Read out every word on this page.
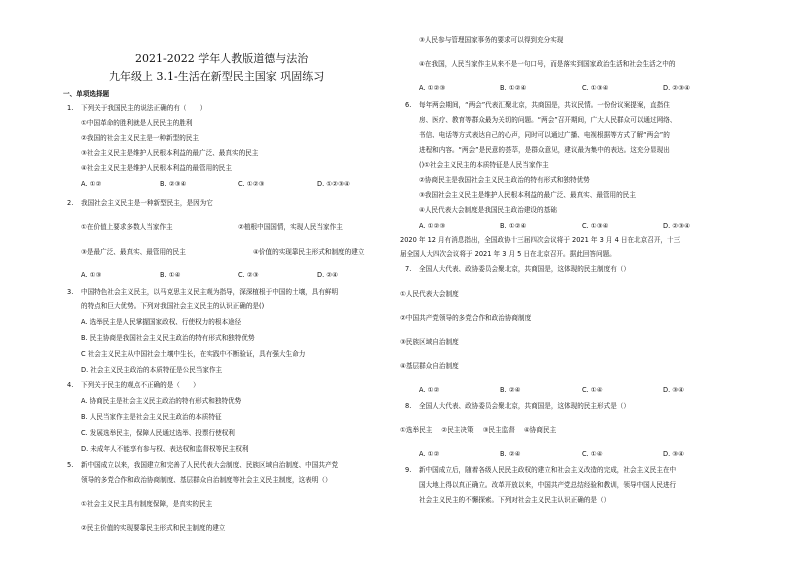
2021-2022 学年人教版道德与法治
九年级上 3.1-生活在新型民主国家 巩固练习
一、单项选择题
1. 下列关于我国民主的说法正确的有（　　）
①中国革命的胜利就是人民民主的胜利
②我国的社会主义民主是一种新型的民主
③社会主义民主是维护人民根本利益的最广泛、最真实的民主
④社会主义民主是维护人民根本利益的最管用的民主
A. ①②	B. ②③④	C. ①②③	D. ①②③④
2. 我国社会主义民主是一种新型民主，是因为它
①在价值上要求多数人当家作主	②植根中国国情，实现人民当家作主
③是最广泛、最真实、最管用的民主	④价值的实现靠民主形式和制度的建立
A. ①③	B. ①④	C. ②③	D. ②④
3. 中国特色社会主义民主，以马克思主义民主观为指导，深深植根于中国的土壤，具有鲜明
的特点和巨大优势。下列对我国社会主义民主的认识正确的是()
A. 选举民主是人民掌握国家政权、行使权力的根本途径
B. 民主协商是我国社会主义民主政治的特有形式和独特优势
C 社会主义民主从中国社会土壤中生长，在实践中不断验证，具有强大生命力
D. 社会主义民主政治的本质特征是公民当家作主
4. 下列关于民主的观点不正确的是（　　）
A. 协商民主是社会主义民主政治的特有形式和独特优势
B. 人民当家作主是社会主义民主政治的本质特征
C. 发展选举民主，保障人民通过选举、投票行使权利
D. 未成年人不能享有参与权、表达权和监督权等民主权利
5. 新中国成立以来，我国建立和完善了人民代表大会制度、民族区域自治制度、中国共产党
领导的多党合作和政治协商制度、基层群众自治制度等社会主义民主制度，这表明（）
①社会主义民主具有制度保障，是真实的民主
②民主价值的实现要靠民主形式和民主制度的建立
③人民参与管理国家事务的要求可以得到充分实现
④在我国，人民当家作主从来不是一句口号，而是落实到国家政治生活和社会生活之中的
A. ①②③	B. ①②④	C. ①③④	D. ②③④
6. 每年两会期间，“两会”代表汇聚北京，共商国是，共议民情。一份份议案提案，直指住
房、医疗、教育等群众最为关切的问题。“两会”召开期间，广大人民群众可以通过网络、
书信、电话等方式表达自己的心声，同时可以通过广播、电视根据等方式了解“两会”的
进程和内容。“两会”是民意的荟萃，是群众意见，建议最为集中的表达。这充分显现出
()①社会主义民主的本质特征是人民当家作主
②协商民主是我国社会主义民主政治的特有形式和独特优势
③我国社会主义民主是维护人民根本利益的最广泛、最真实、最管用的民主
④人民代表大会制度是我国民主政治建设的基础
A. ①②③	B. ①②④	C. ①③④	D. ②③④
2020 年 12 月有消息指出，全国政协十三届四次会议将于 2021 年 3 月 4 日在北京召开，十三
届全国人大四次会议将于 2021 年 3 月 5 日在北京召开。据此回答问题。
7. 全国人大代表、政协委员会聚北京，共商国是，这体现的民主制度有（）
①人民代表大会制度
②中国共产党领导的多党合作和政治协商制度
③民族区域自治制度
④基层群众自治制度
A. ①②	B. ②④	C. ①④	D. ③④
8. 全国人大代表、政协委员会聚北京，共商国是，这体现的民主形式是（）
①选举民主 ②民主决策 ③民主监督 ④协商民主
A. ①②	B. ②④	C. ①④	D. ③④
9. 新中国成立后，随着各级人民民主政权的建立和社会主义改造的完成，社会主义民主在中
国大地上得以真正确立。改革开放以来，中国共产党总结经验和教训，领导中国人民进行
社会主义民主的不懈探索。下列对社会主义民主认识正确的是（）
